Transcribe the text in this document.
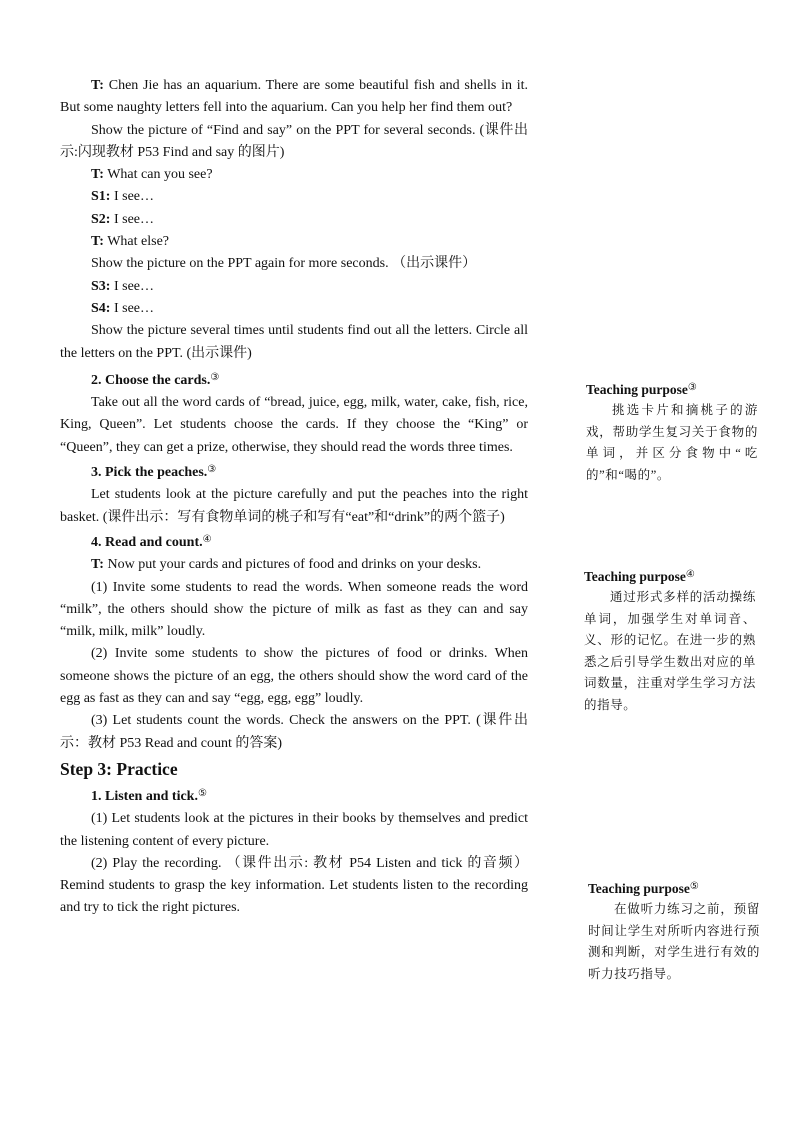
T: Chen Jie has an aquarium. There are some beautiful fish and shells in it. But some naughty letters fell into the aquarium. Can you help her find them out?

Show the picture of “Find and say” on the PPT for several seconds. (课件出示:闪现教材 P53 Find and say 的图片)

T: What can you see?

S1: I see…

S2: I see…

T: What else?

Show the picture on the PPT again for more seconds. （出示课件）

S3: I see…

S4: I see…

Show the picture several times until students find out all the letters. Circle all the letters on the PPT. (出示课件)

2. Choose the cards.③

Take out all the word cards of “bread, juice, egg, milk, water, cake, fish, rice, King, Queen”. Let students choose the cards. If they choose the “King” or “Queen”, they can get a prize, otherwise, they should read the words three times.

3. Pick the peaches.③

Let students look at the picture carefully and put the peaches into the right basket. (课件出示：写有食物单词的桃子和写有“eat”和“drink”的两个篮子)

4. Read and count.④

T: Now put your cards and pictures of food and drinks on your desks.

(1) Invite some students to read the words. When someone reads the word “milk”, the others should show the picture of milk as fast as they can and say “milk, milk, milk” loudly.

(2) Invite some students to show the pictures of food or drinks. When someone shows the picture of an egg, the others should show the word card of the egg as fast as they can and say “egg, egg, egg” loudly.

(3) Let students count the words. Check the answers on the PPT. (课件出示：教材 P53 Read and count 的答案)

Step 3: Practice

1. Listen and tick.⑤

(1) Let students look at the pictures in their books by themselves and predict the listening content of every picture.

(2) Play the recording. （课件出示: 教材 P54 Listen and tick 的音频）Remind students to grasp the key information. Let students listen to the recording and try to tick the right pictures.

Teaching purpose③

挑选卡片和摘桃子的游戏，帮助学生复习关于食物的单词，并区分食物中“吃的”和“喝的”。

Teaching purpose④

通过形式多样的活动操练单词，加强学生对单词音、义、形的记忆。在进一步的熟悉之后引导学生数出对应的单词数量，注重对学生学习方法的指导。

Teaching purpose⑤

在做听力练习之前，预留时间让学生对所听内容进行预测和判断，对学生进行有效的听力技巧指导。
